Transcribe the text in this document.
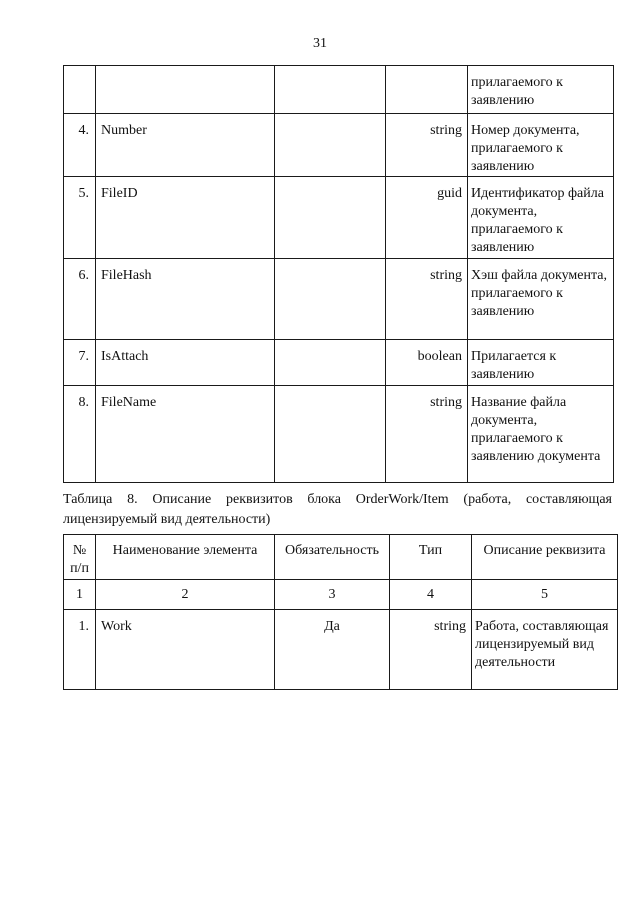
31
				прилагаемого к заявлению
4.	Number		string	Номер документа, прилагаемого к заявлению
5.	FileID		guid	Идентификатор файла документа, прилагаемого к заявлению
6.	FileHash		string	Хэш файла документа, прилагаемого к заявлению
7.	IsAttach		boolean	Прилагается к заявлению
8.	FileName		string	Название файла документа, прилагаемого к заявлению документа
Таблица 8. Описание реквизитов блока OrderWork/Item (работа, составляющая лицензируемый вид деятельности)
№ п/п	Наименование элемента	Обязательность	Тип	Описание реквизита
1	2	3	4	5
1.	Work	Да	string	Работа, составляющая лицензируемый вид деятельности
